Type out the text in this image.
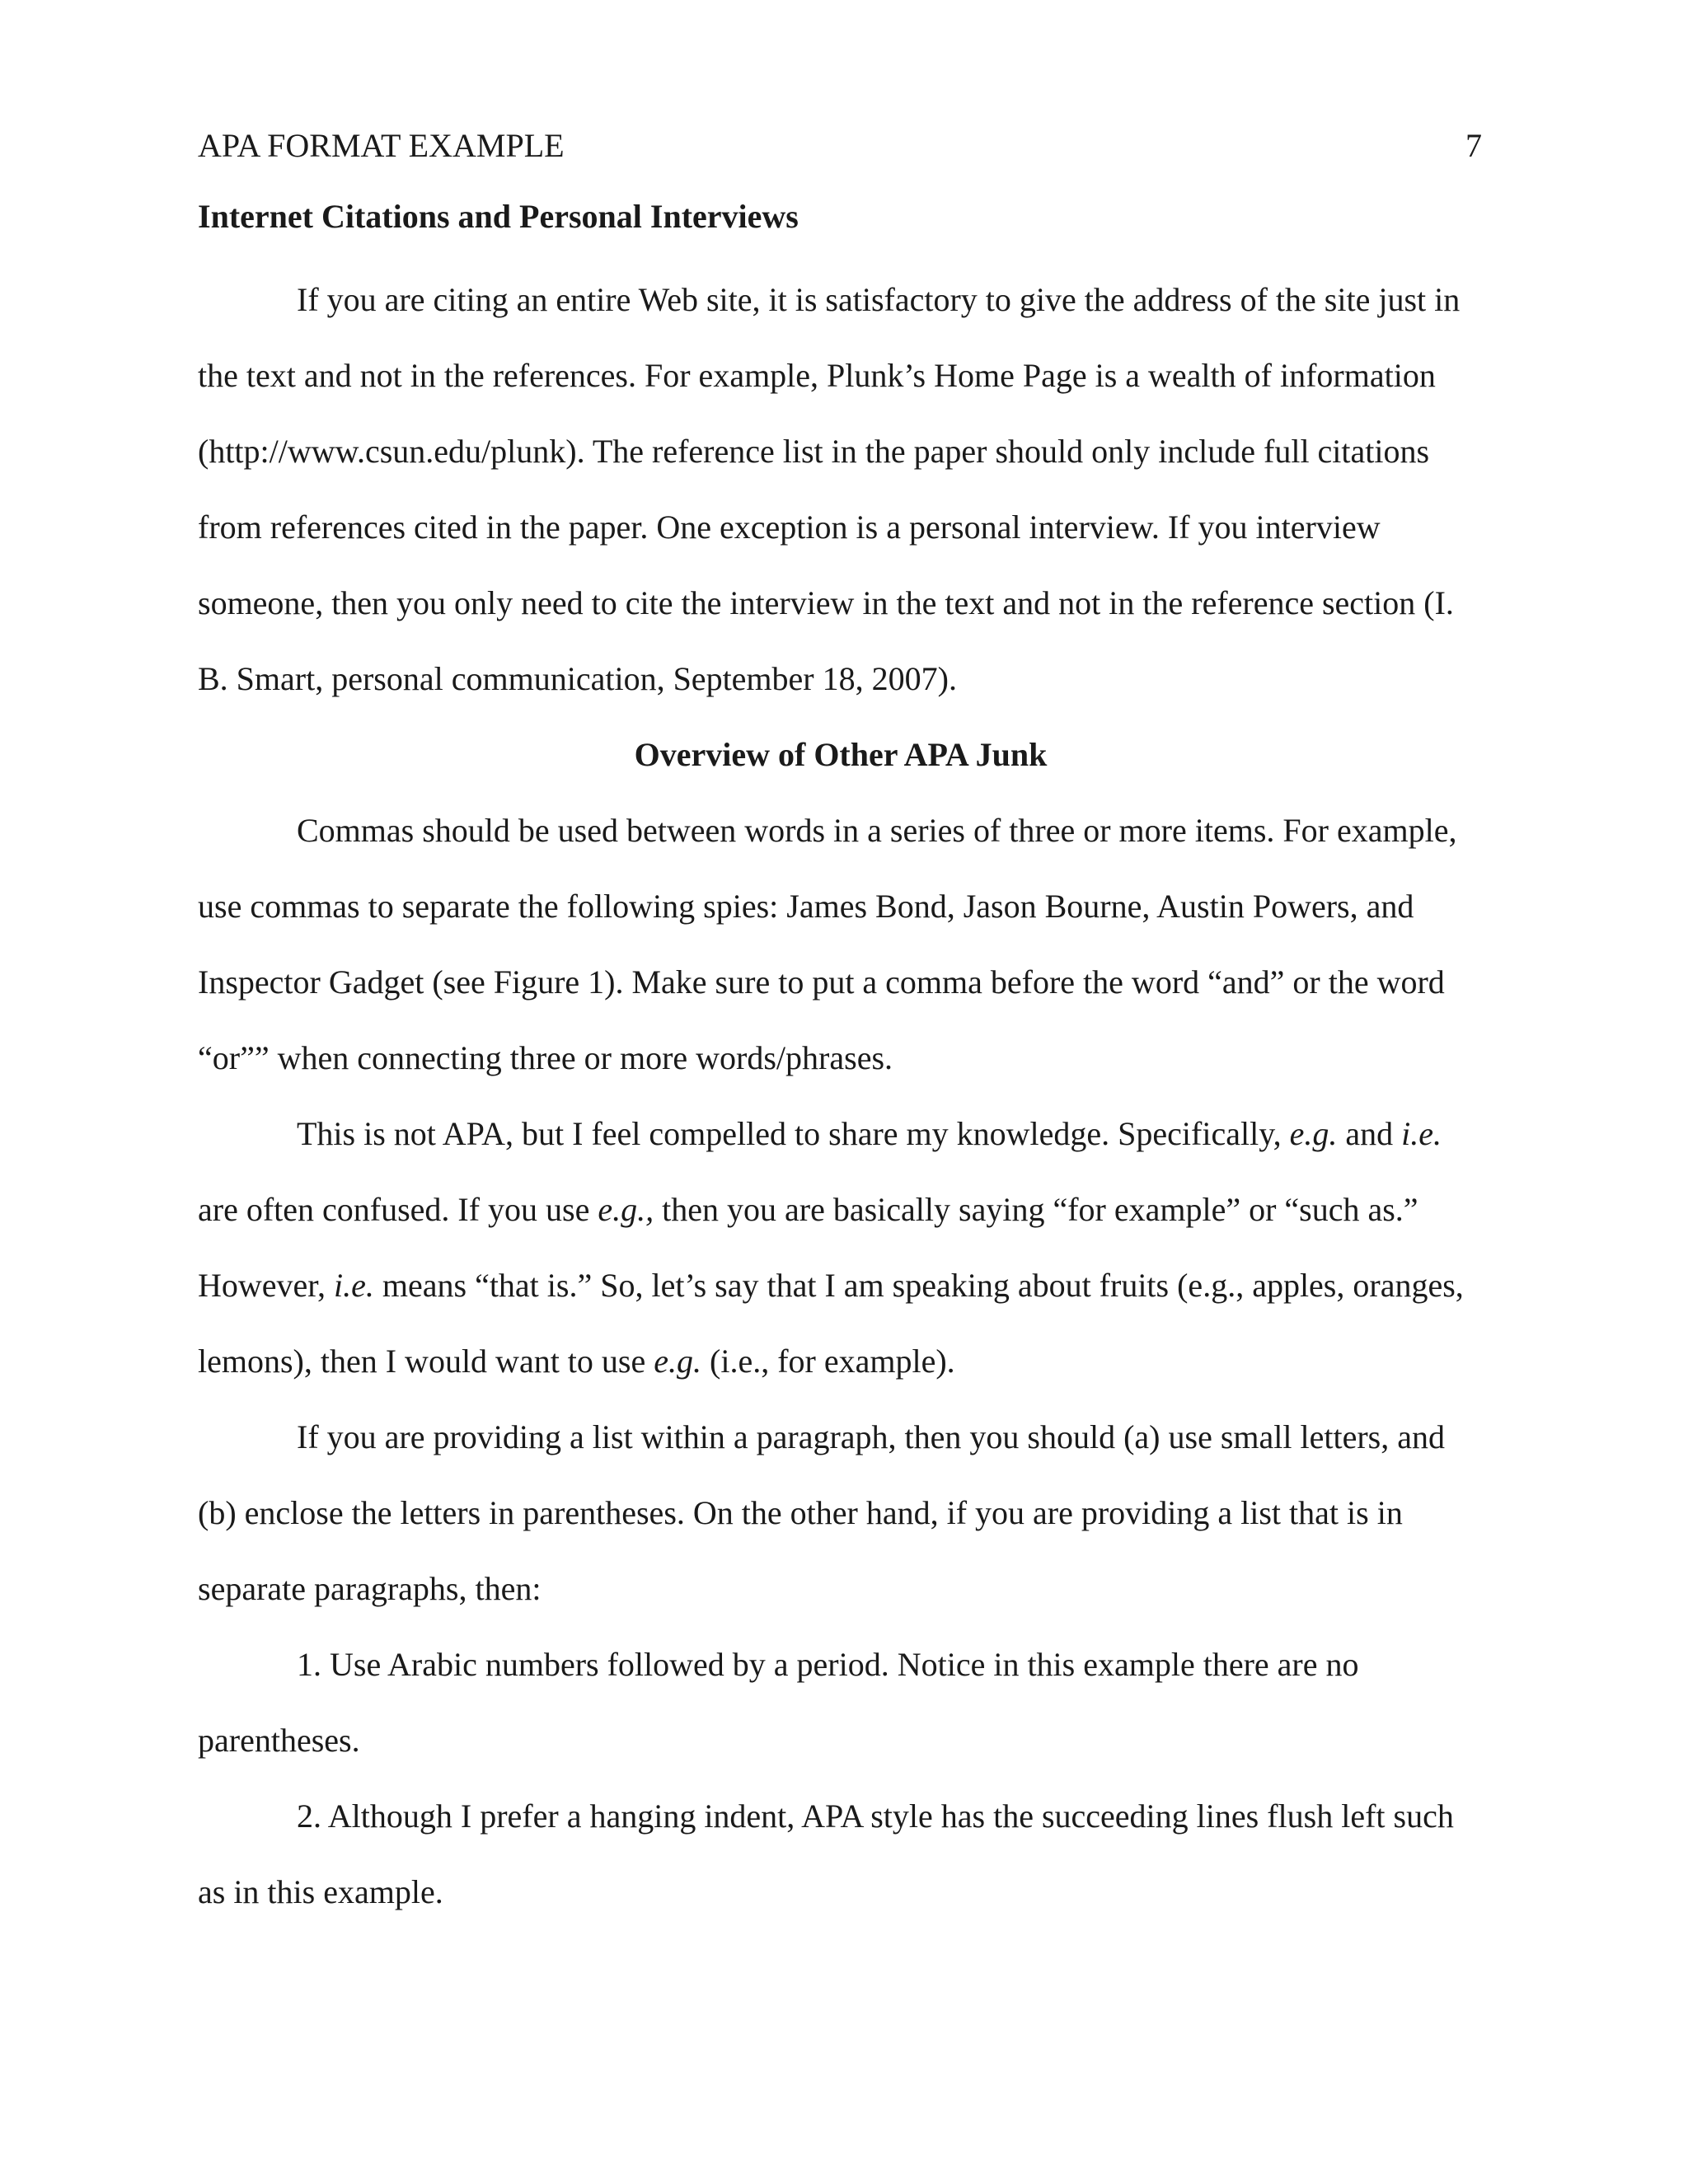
APA FORMAT EXAMPLE	7
Internet Citations and Personal Interviews

If you are citing an entire Web site, it is satisfactory to give the address of the site just in the text and not in the references. For example, Plunk’s Home Page is a wealth of information (http://www.csun.edu/plunk). The reference list in the paper should only include full citations from references cited in the paper. One exception is a personal interview. If you interview someone, then you only need to cite the interview in the text and not in the reference section (I. B. Smart, personal communication, September 18, 2007).

Overview of Other APA Junk

Commas should be used between words in a series of three or more items. For example, use commas to separate the following spies: James Bond, Jason Bourne, Austin Powers, and Inspector Gadget (see Figure 1). Make sure to put a comma before the word “and” or the word “or”” when connecting three or more words/phrases.

This is not APA, but I feel compelled to share my knowledge. Specifically, e.g. and i.e. are often confused. If you use e.g., then you are basically saying “for example” or “such as.” However, i.e. means “that is.” So, let’s say that I am speaking about fruits (e.g., apples, oranges, lemons), then I would want to use e.g. (i.e., for example).

If you are providing a list within a paragraph, then you should (a) use small letters, and (b) enclose the letters in parentheses. On the other hand, if you are providing a list that is in separate paragraphs, then:

1. Use Arabic numbers followed by a period. Notice in this example there are no parentheses.

2. Although I prefer a hanging indent, APA style has the succeeding lines flush left such as in this example.
